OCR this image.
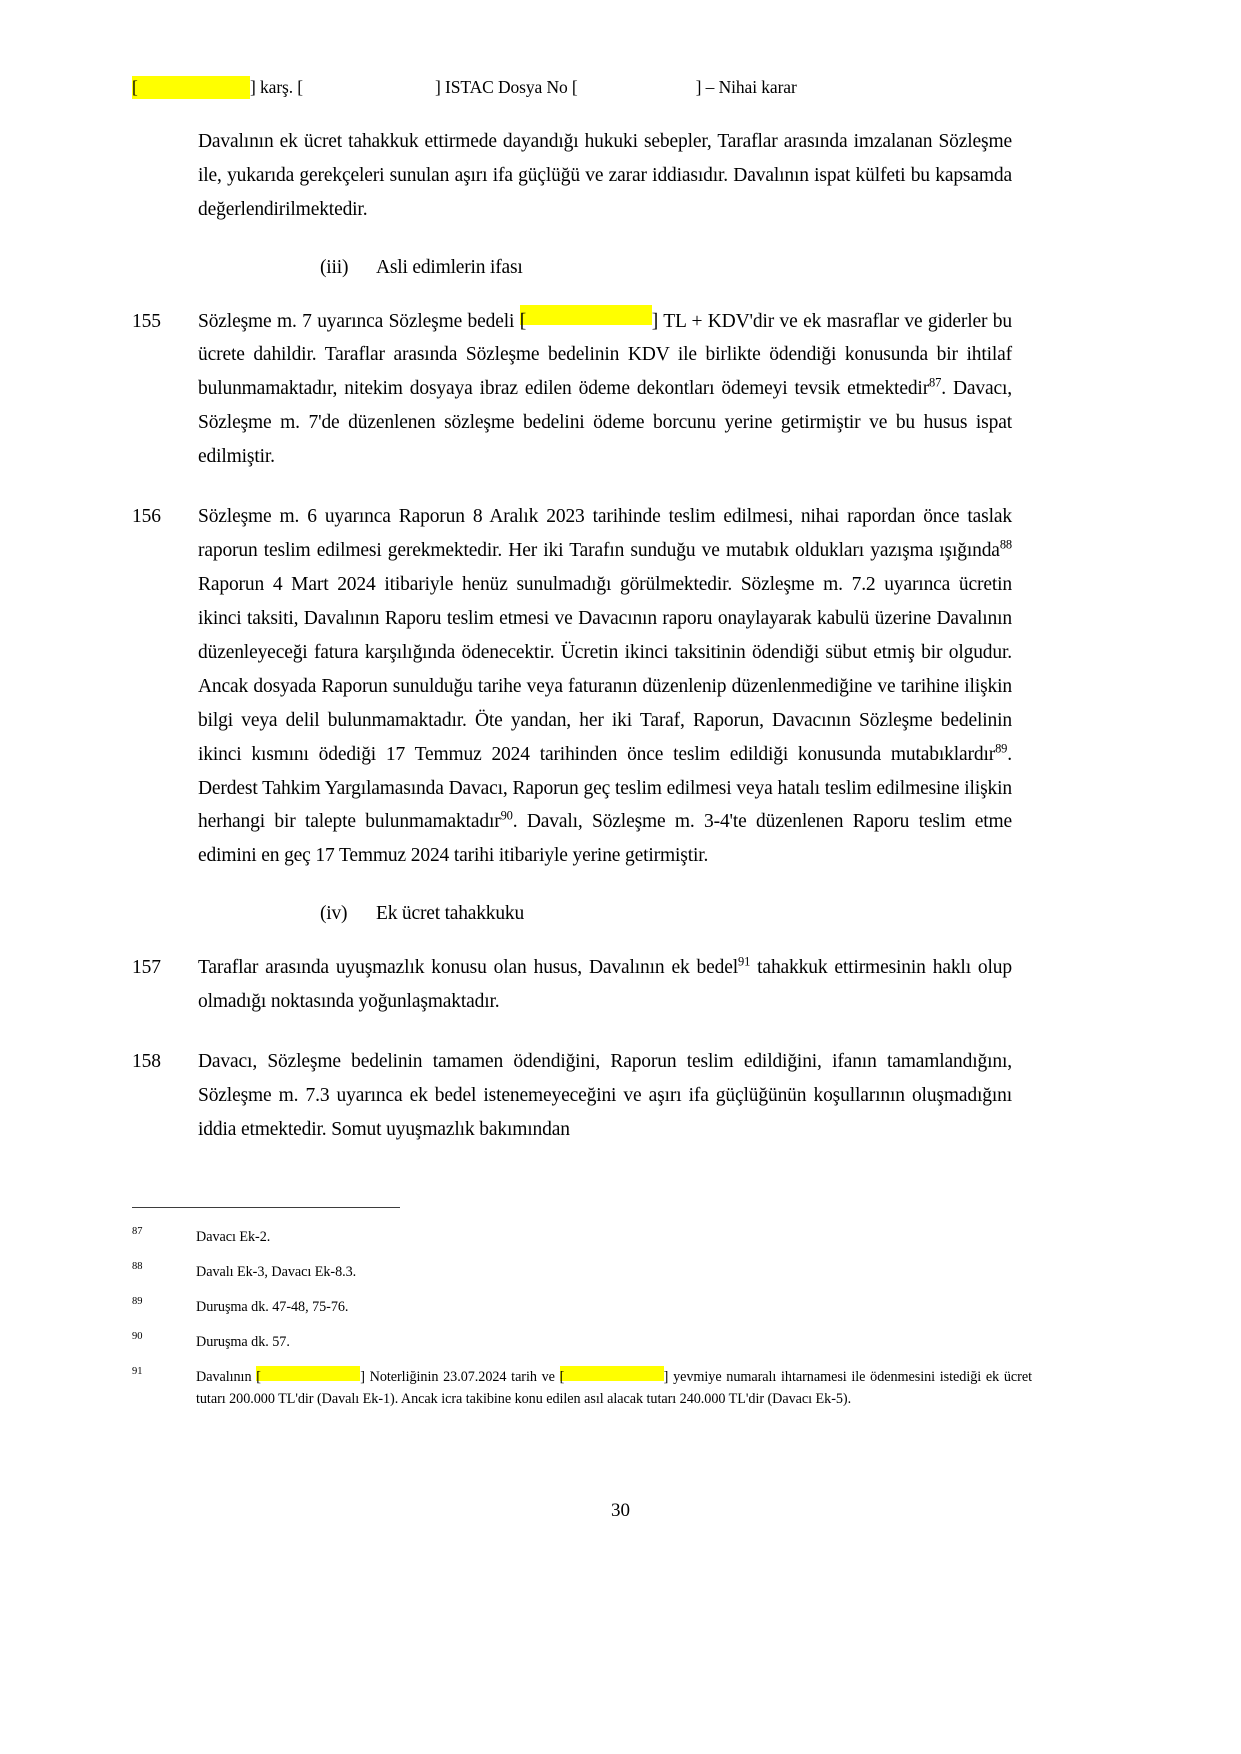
[	] karş. [	] ISTAC Dosya No [	] – Nihai karar
Davalının ek ücret tahakkuk ettirmede dayandığı hukuki sebepler, Taraflar arasında imzalanan Sözleşme ile, yukarıda gerekçeleri sunulan aşırı ifa güçlüğü ve zarar iddiasıdır. Davalının ispat külfeti bu kapsamda değerlendirilmektedir.
(iii) Asli edimlerin ifası
155	Sözleşme m. 7 uyarınca Sözleşme bedeli [	] TL + KDV'dir ve ek masraflar ve giderler bu ücrete dahildir. Taraflar arasında Sözleşme bedelinin KDV ile birlikte ödendiği konusunda bir ihtilaf bulunmamaktadır, nitekim dosyaya ibraz edilen ödeme dekontları ödemeyi tevsik etmektedir$^{87}$. Davacı, Sözleşme m. 7'de düzenlenen sözleşme bedelini ödeme borcunu yerine getirmiştir ve bu husus ispat edilmiştir.
156	Sözleşme m. 6 uyarınca Raporun 8 Aralık 2023 tarihinde teslim edilmesi, nihai rapordan önce taslak raporun teslim edilmesi gerekmektedir. Her iki Tarafın sunduğu ve mutabık oldukları yazışma ışığında$^{88}$ Raporun 4 Mart 2024 itibariyle henüz sunulmadığı görülmektedir. Sözleşme m. 7.2 uyarınca ücretin ikinci taksiti, Davalının Raporu teslim etmesi ve Davacının raporu onaylayarak kabulü üzerine Davalının düzenleyeceği fatura karşılığında ödenecektir. Ücretin ikinci taksitinin ödendiği sübut etmiş bir olgudur. Ancak dosyada Raporun sunulduğu tarihe veya faturanın düzenlenip düzenlenmediğine ve tarihine ilişkin bilgi veya delil bulunmamaktadır. Öte yandan, her iki Taraf, Raporun, Davacının Sözleşme bedelinin ikinci kısmını ödediği 17 Temmuz 2024 tarihinden önce teslim edildiği konusunda mutabıklardır$^{89}$. Derdest Tahkim Yargılamasında Davacı, Raporun geç teslim edilmesi veya hatalı teslim edilmesine ilişkin herhangi bir talepte bulunmamaktadır$^{90}$. Davalı, Sözleşme m. 3-4'te düzenlenen Raporu teslim etme edimini en geç 17 Temmuz 2024 tarihi itibariyle yerine getirmiştir.
(iv) Ek ücret tahakkuku
157	Taraflar arasında uyuşmazlık konusu olan husus, Davalının ek bedel$^{91}$ tahakkuk ettirmesinin haklı olup olmadığı noktasında yoğunlaşmaktadır.
158	Davacı, Sözleşme bedelinin tamamen ödendiğini, Raporun teslim edildiğini, ifanın tamamlandığını, Sözleşme m. 7.3 uyarınca ek bedel istenemeyeceğini ve aşırı ifa güçlüğünün koşullarının oluşmadığını iddia etmektedir. Somut uyuşmazlık bakımından
87	Davacı Ek-2.
88	Davalı Ek-3, Davacı Ek-8.3.
89	Duruşma dk. 47-48, 75-76.
90	Duruşma dk. 57.
91	Davalının [	] Noterliğinin 23.07.2024 tarih ve [	] yevmiye numaralı ihtarnamesi ile ödenmesini istediği ek ücret tutarı 200.000 TL'dir (Davalı Ek-1). Ancak icra takibine konu edilen asıl alacak tutarı 240.000 TL'dir (Davacı Ek-5).
30
